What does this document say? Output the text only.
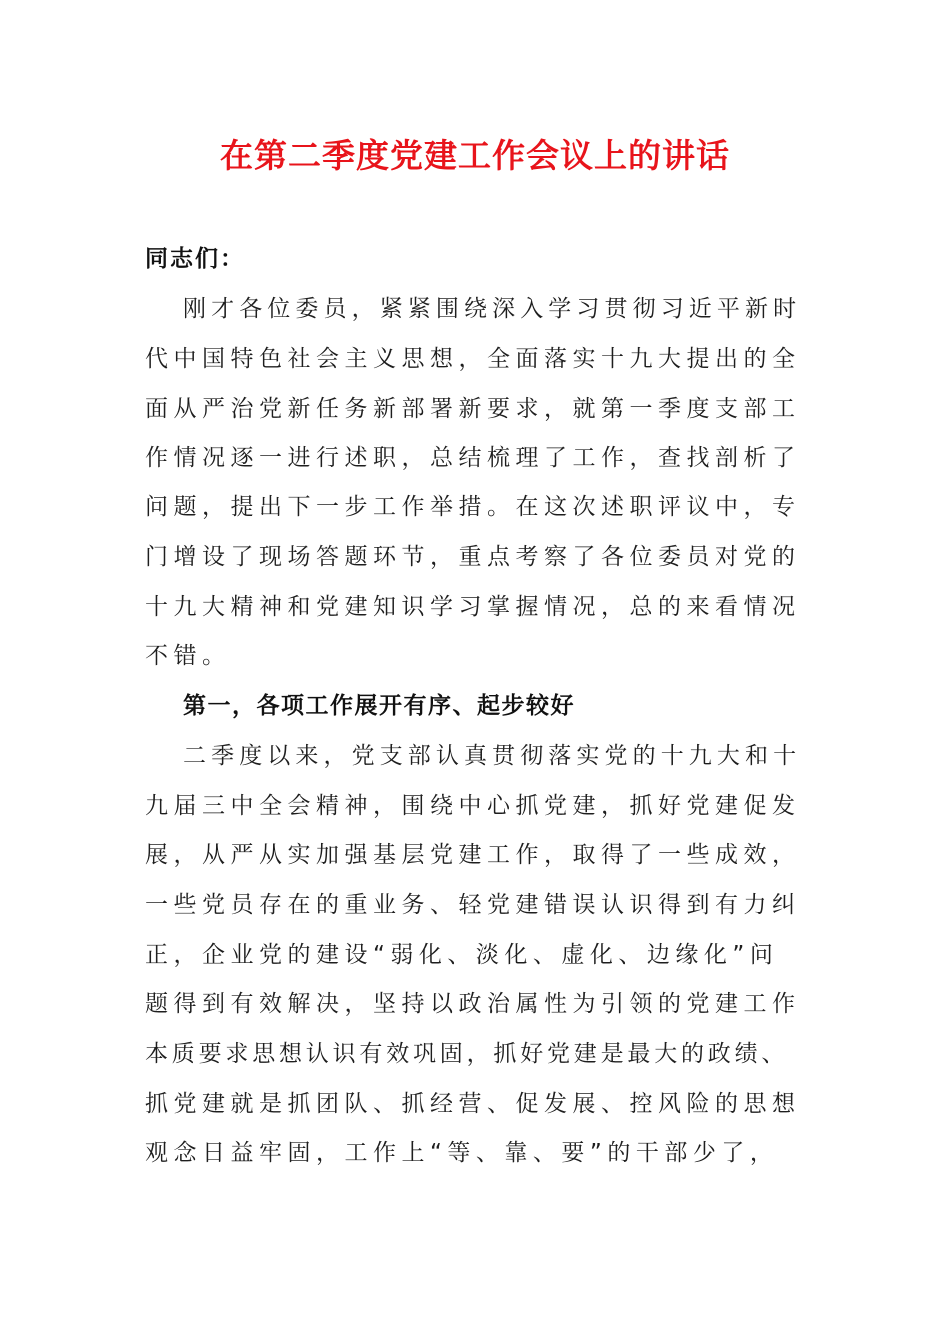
在第二季度党建工作会议上的讲话
同志们：
刚才各位委员，紧紧围绕深入学习贯彻习近平新时
代中国特色社会主义思想，全面落实十九大提出的全
面从严治党新任务新部署新要求，就第一季度支部工
作情况逐一进行述职，总结梳理了工作，查找剖析了
问题，提出下一步工作举措。在这次述职评议中，专
门增设了现场答题环节，重点考察了各位委员对党的
十九大精神和党建知识学习掌握情况，总的来看情况
不错。
第一，各项工作展开有序、起步较好
二季度以来，党支部认真贯彻落实党的十九大和十
九届三中全会精神，围绕中心抓党建，抓好党建促发
展，从严从实加强基层党建工作，取得了一些成效，
一些党员存在的重业务、轻党建错误认识得到有力纠
正，企业党的建设“弱化、淡化、虚化、边缘化”问
题得到有效解决，坚持以政治属性为引领的党建工作
本质要求思想认识有效巩固，抓好党建是最大的政绩、
抓党建就是抓团队、抓经营、促发展、控风险的思想
观念日益牢固，工作上“等、靠、要”的干部少了，
